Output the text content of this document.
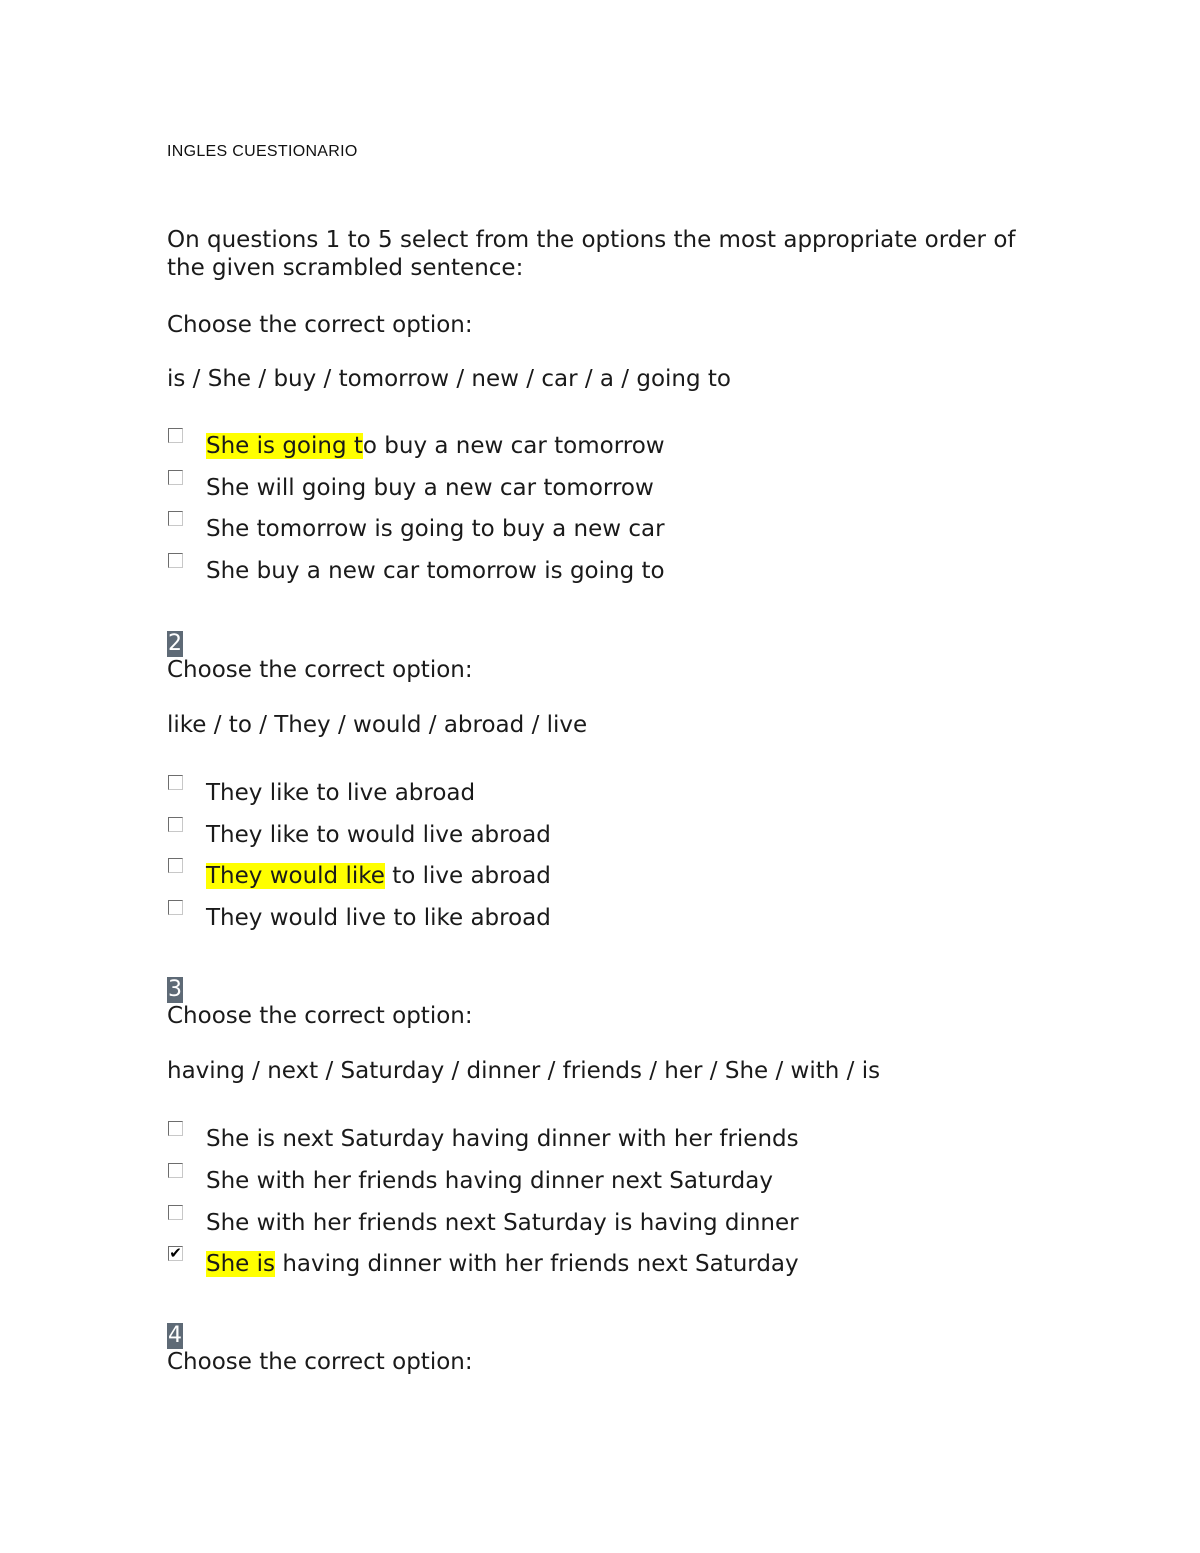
INGLES CUESTIONARIO
On questions 1 to 5 select from the options the most appropriate order of the given scrambled sentence:
Choose the correct option:
is / She / buy / tomorrow / new / car / a / going to
She is going to buy a new car tomorrow
She will going buy a new car tomorrow
She tomorrow is going to buy a new car
She buy a new car tomorrow is going to
2
Choose the correct option:
like / to / They / would / abroad / live
They like to live abroad
They like to would live abroad
They would like to live abroad
They would live to like abroad
3
Choose the correct option:
having / next / Saturday / dinner / friends / her / She / with / is
She is next Saturday having dinner with her friends
She with her friends having dinner next Saturday
She with her friends next Saturday is having dinner
✔ She is having dinner with her friends next Saturday
4
Choose the correct option:
